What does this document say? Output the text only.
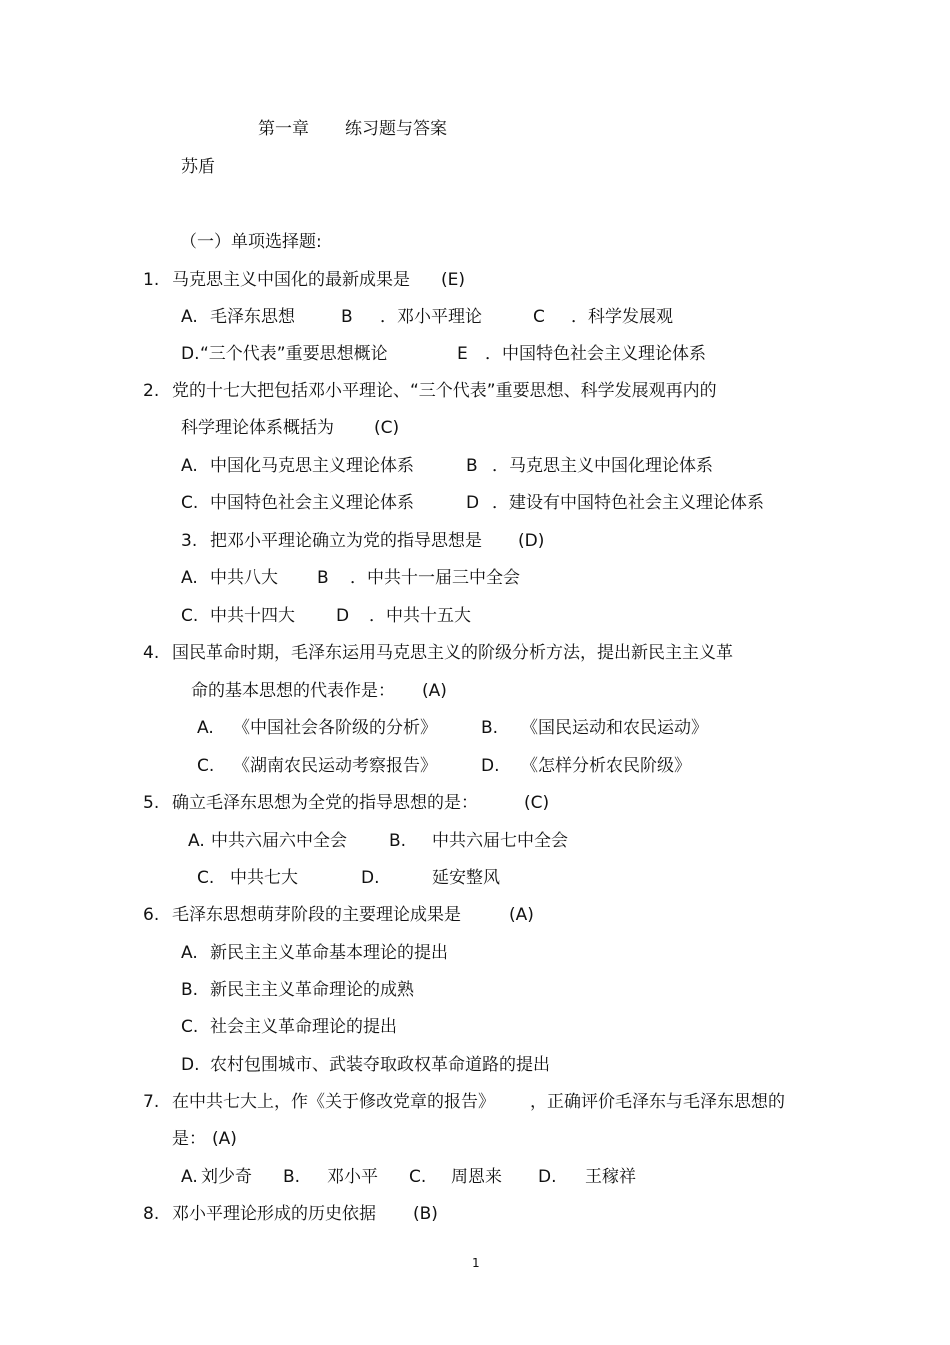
第一章 练习题与答案
苏盾
（一）单项选择题:
1. 马克思主义中国化的最新成果是 (E)
A. 毛泽东思想	B ．邓小平理论	C ．科学发展观
D. “三个代表”重要思想概论	E ．中国特色社会主义理论体系
2. 党的十七大把包括邓小平理论、“三个代表”重要思想、科学发展观再内的
科学理论体系概括为 (C)
A. 中国化马克思主义理论体系	B ．马克思主义中国化理论体系
C. 中国特色社会主义理论体系	D ．建设有中国特色社会主义理论体系
3. 把邓小平理论确立为党的指导思想是 (D)
A. 中共八大 B ．中共十一届三中全会
C. 中共十四大 D ．中共十五大
4. 国民革命时期，毛泽东运用马克思主义的阶级分析方法，提出新民主主义革
命的基本思想的代表作是： (A)
A. 《中国社会各阶级的分析》	B. 《国民运动和农民运动》
C. 《湖南农民运动考察报告》	D. 《怎样分析农民阶级》
5. 确立毛泽东思想为全党的指导思想的是：	(C)
A. 中共六届六中全会 B. 中共六届七中全会
C. 中共七大	D.	延安整风
6. 毛泽东思想萌芽阶段的主要理论成果是	(A)
A. 新民主主义革命基本理论的提出
B. 新民主主义革命理论的成熟
C. 社会主义革命理论的提出
D. 农村包围城市、武装夺取政权革命道路的提出
7. 在中共七大上，作《关于修改党章的报告》 ，正确评价毛泽东与毛泽东思想的
是： (A)
A. 刘少奇 B. 邓小平 C. 周恩来 D. 王稼祥
8. 邓小平理论形成的历史依据 (B)
1
